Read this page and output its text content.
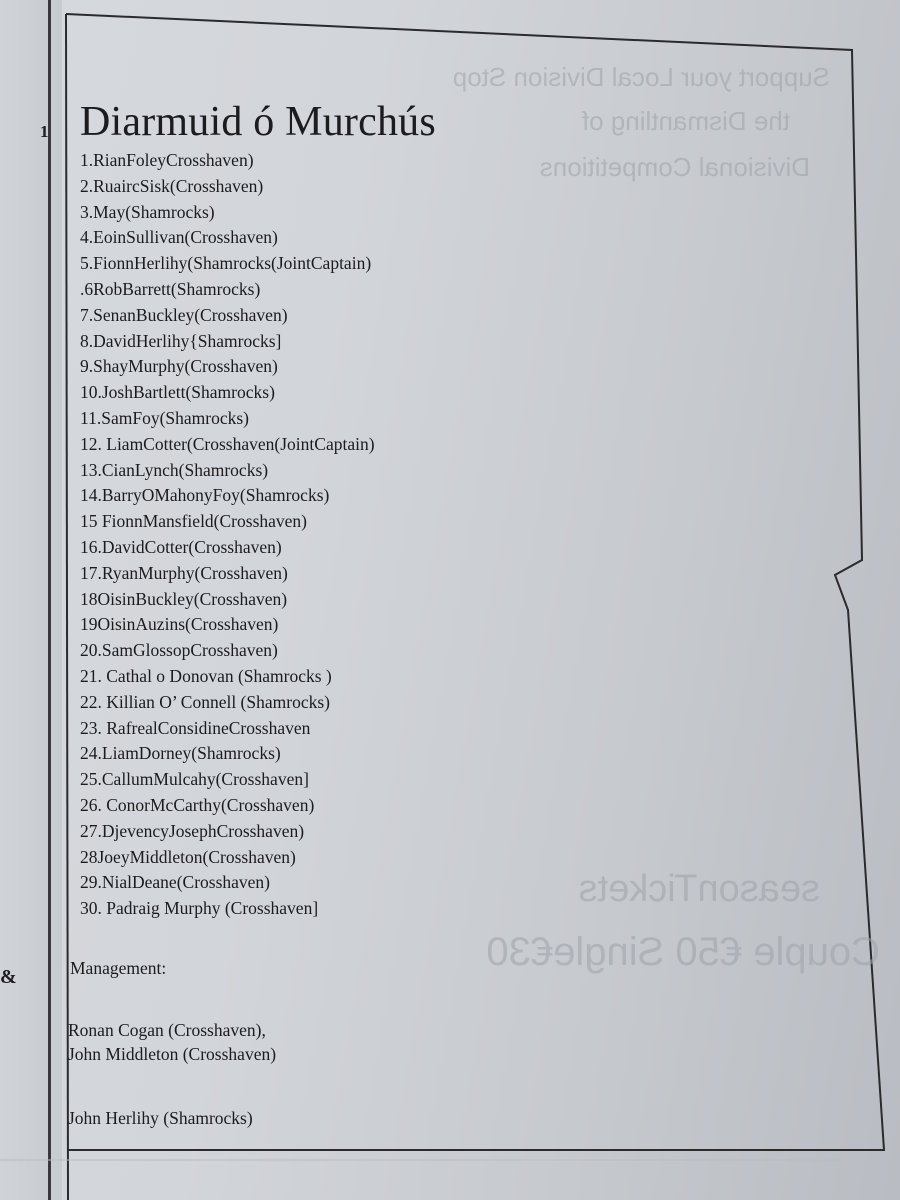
Support your Local Division Stop
the Dismantling of
Divisional Competitions
seasonTickets
Couple €50 Single€30
&
1 Diarmuid ó Murchús
1.RianFoleyCrosshaven)
2.RuaircSisk(Crosshaven)
3.May(Shamrocks)
4.EoinSullivan(Crosshaven)
5.FionnHerlihy(Shamrocks(JointCaptain)
.6RobBarrett(Shamrocks)
7.SenanBuckley(Crosshaven)
8.DavidHerlihy{Shamrocks]
9.ShayMurphy(Crosshaven)
10.JoshBartlett(Shamrocks)
11.SamFoy(Shamrocks)
12. LiamCotter(Crosshaven(JointCaptain)
13.CianLynch(Shamrocks)
14.BarryOMahonyFoy(Shamrocks)
15 FionnMansfield(Crosshaven)
16.DavidCotter(Crosshaven)
17.RyanMurphy(Crosshaven)
18OisinBuckley(Crosshaven)
19OisinAuzins(Crosshaven)
20.SamGlossopCrosshaven)
21. Cathal o Donovan (Shamrocks )
22. Killian O’ Connell (Shamrocks)
23. RafrealConsidineCrosshaven
24.LiamDorney(Shamrocks)
25.CallumMulcahy(Crosshaven]
26. ConorMcCarthy(Crosshaven)
27.DjevencyJosephCrosshaven)
28JoeyMiddleton(Crosshaven)
29.NialDeane(Crosshaven)
30. Padraig Murphy (Crosshaven]
Management:
Ronan Cogan (Crosshaven),
John Middleton (Crosshaven)
John Herlihy (Shamrocks)
